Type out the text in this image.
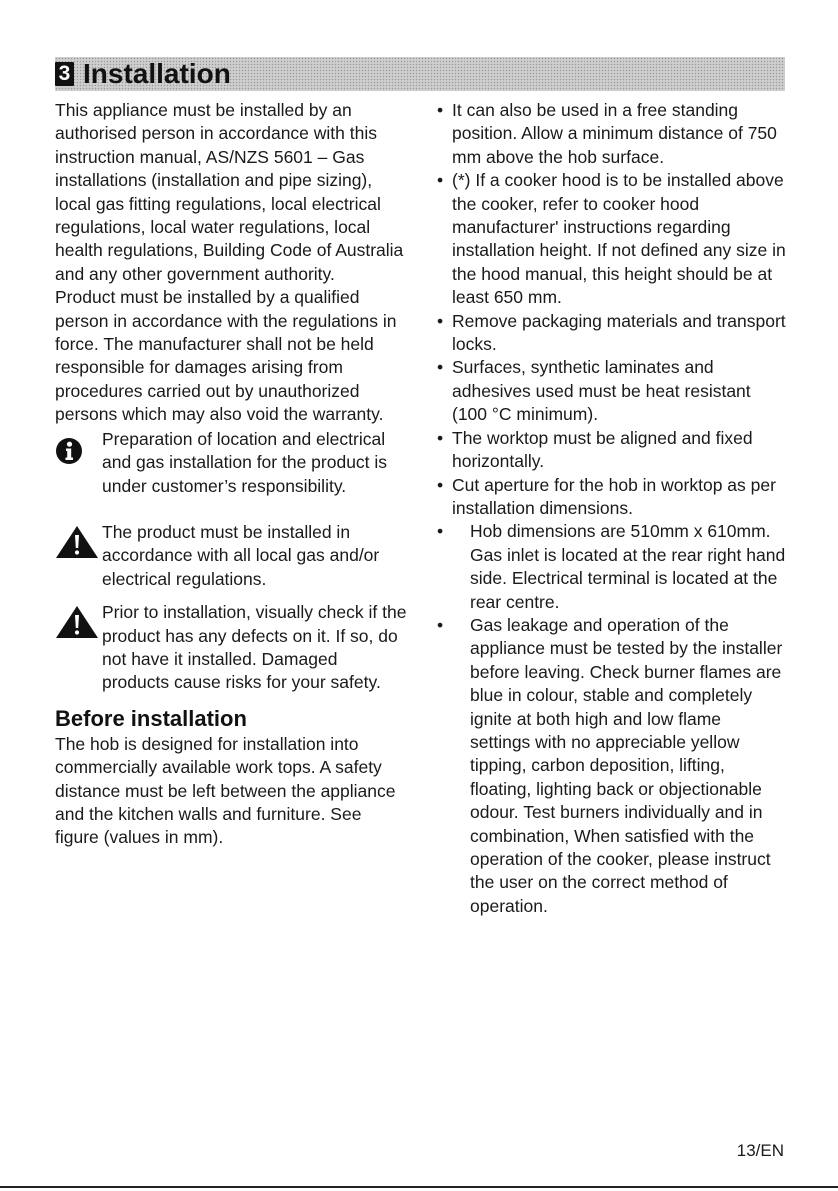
3 Installation

This appliance must be installed by an authorised person in accordance with this instruction manual, AS/NZS 5601 – Gas installations (installation and pipe sizing), local gas fitting regulations, local electrical regulations, local water regulations, local health regulations, Building Code of Australia and any other government authority.

Product must be installed by a qualified person in accordance with the regulations in force. The manufacturer shall not be held responsible for damages arising from procedures carried out by unauthorized persons which may also void the warranty.

Preparation of location and electrical and gas installation for the product is under customer’s responsibility.

The product must be installed in accordance with all local gas and/or electrical regulations.

Prior to installation, visually check if the product has any defects on it. If so, do not have it installed. Damaged products cause risks for your safety.

Before installation

The hob is designed for installation into commercially available work tops. A safety distance must be left between the appliance and the kitchen walls and furniture. See figure (values in mm).

• It can also be used in a free standing position. Allow a minimum distance of 750 mm above the hob surface.
• (*) If a cooker hood is to be installed above the cooker, refer to cooker hood manufacturer' instructions regarding installation height. If not defined any size in the hood manual, this height should be at least 650 mm.
• Remove packaging materials and transport locks.
• Surfaces, synthetic laminates and adhesives used must be heat resistant (100 °C minimum).
• The worktop must be aligned and fixed horizontally.
• Cut aperture for the hob in worktop as per installation dimensions.
• Hob dimensions are 510mm x 610mm. Gas inlet is located at the rear right hand side. Electrical terminal is located at the rear centre.
• Gas leakage and operation of the appliance must be tested by the installer before leaving. Check burner flames are blue in colour, stable and completely ignite at both high and low flame settings with no appreciable yellow tipping, carbon deposition, lifting, floating, lighting back or objectionable odour. Test burners individually and in combination, When satisfied with the operation of the cooker, please instruct the user on the correct method of operation.
13/EN
